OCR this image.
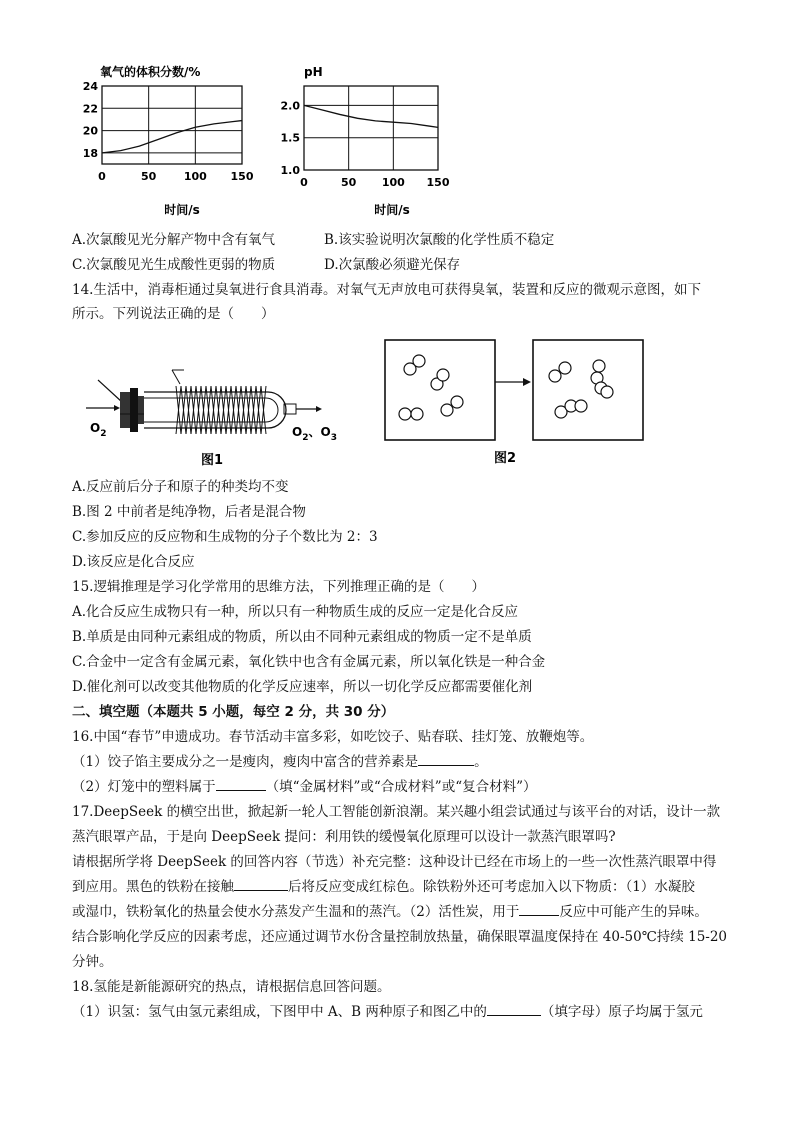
氧气的体积分数/%
0	50	100 150
18
20
22
24
时间/s
pH
0	50 100 150
1.0
1.5
2.0
时间/s
A.次氯酸见光分解产物中含有氧气	B.该实验说明次氯酸的化学性质不稳定
C.次氯酸见光生成酸性更弱的物质	D.次氯酸必须避光保存
14.生活中，消毒柜通过臭氧进行食具消毒。对氧气无声放电可获得臭氧，装置和反应的微观示意图，如下
所示。下列说法正确的是（　　）
$O_2$	$O_2$、$O_3$
图1	图2
A.反应前后分子和原子的种类均不变
B.图 2 中前者是纯净物，后者是混合物
C.参加反应的反应物和生成物的分子个数比为 2：3
D.该反应是化合反应
15.逻辑推理是学习化学常用的思维方法，下列推理正确的是（　　）
A.化合反应生成物只有一种，所以只有一种物质生成的反应一定是化合反应
B.单质是由同种元素组成的物质，所以由不同种元素组成的物质一定不是单质
C.合金中一定含有金属元素，氧化铁中也含有金属元素，所以氧化铁是一种合金
D.催化剂可以改变其他物质的化学反应速率，所以一切化学反应都需要催化剂
二、填空题（本题共 5 小题，每空 2 分，共 30 分）
16.中国“春节”申遗成功。春节活动丰富多彩，如吃饺子、贴春联、挂灯笼、放鞭炮等。
（1）饺子馅主要成分之一是瘦肉，瘦肉中富含的营养素是	。
（2）灯笼中的塑料属于	（填“金属材料”或“合成材料”或“复合材料”）
17.DeepSeek 的横空出世，掀起新一轮人工智能创新浪潮。某兴趣小组尝试通过与该平台的对话，设计一款
蒸汽眼罩产品，于是向 DeepSeek 提问：利用铁的缓慢氧化原理可以设计一款蒸汽眼罩吗?
请根据所学将 DeepSeek 的回答内容（节选）补充完整：这种设计已经在市场上的一些一次性蒸汽眼罩中得
到应用。黑色的铁粉在接触	后将反应变成红棕色。除铁粉外还可考虑加入以下物质：（1）水凝胶
或湿巾，铁粉氧化的热量会使水分蒸发产生温和的蒸汽。（2）活性炭，用于	反应中可能产生的异味。
结合影响化学反应的因素考虑，还应通过调节水份含量控制放热量，确保眼罩温度保持在 40-50℃持续 15-20
分钟。
18.氢能是新能源研究的热点，请根据信息回答问题。
（1）识氢：氢气由氢元素组成，下图甲中 A、B 两种原子和图乙中的	（填字母）原子均属于氢元
